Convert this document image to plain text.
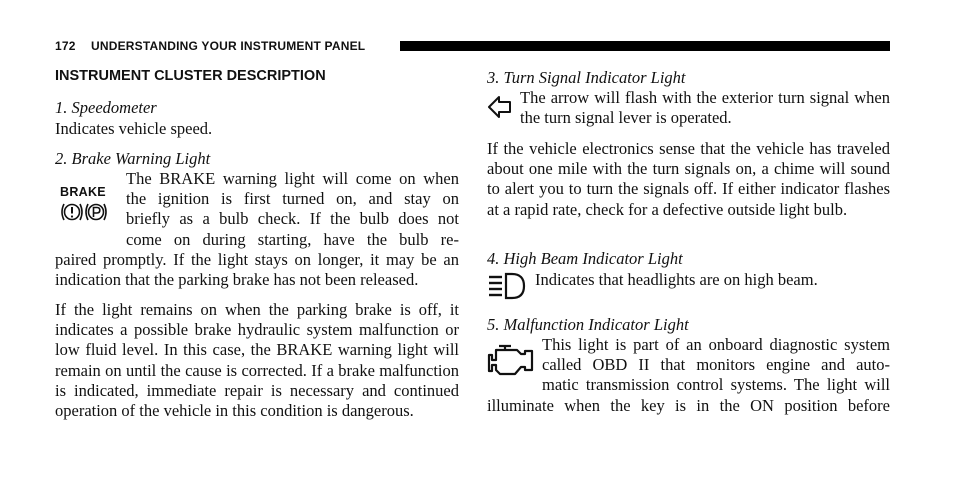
172 UNDERSTANDING YOUR INSTRUMENT PANEL
INSTRUMENT CLUSTER DESCRIPTION
1. Speedometer
Indicates vehicle speed.
2. Brake Warning Light
BRAKE
The BRAKE warning light will come on when
the ignition is first turned on, and stay on
briefly as a bulb check. If the bulb does not
come on during starting, have the bulb re-
paired promptly. If the light stays on longer, it may be an
indication that the parking brake has not been released.
If the light remains on when the parking brake is off, it indicates a possible brake hydraulic system malfunction or low fluid level. In this case, the BRAKE warning light will remain on until the cause is corrected. If a brake malfunction is indicated, immediate repair is necessary and continued operation of the vehicle in this condition is dangerous.
3. Turn Signal Indicator Light
The arrow will flash with the exterior turn signal when the turn signal lever is operated.
If the vehicle electronics sense that the vehicle has traveled about one mile with the turn signals on, a chime will sound to alert you to turn the signals off. If either indicator flashes at a rapid rate, check for a defective outside light bulb.
4. High Beam Indicator Light
Indicates that headlights are on high beam.
5. Malfunction Indicator Light
This light is part of an onboard diagnostic system
called OBD II that monitors engine and auto-
matic transmission control systems. The light will
illuminate when the key is in the ON position before
